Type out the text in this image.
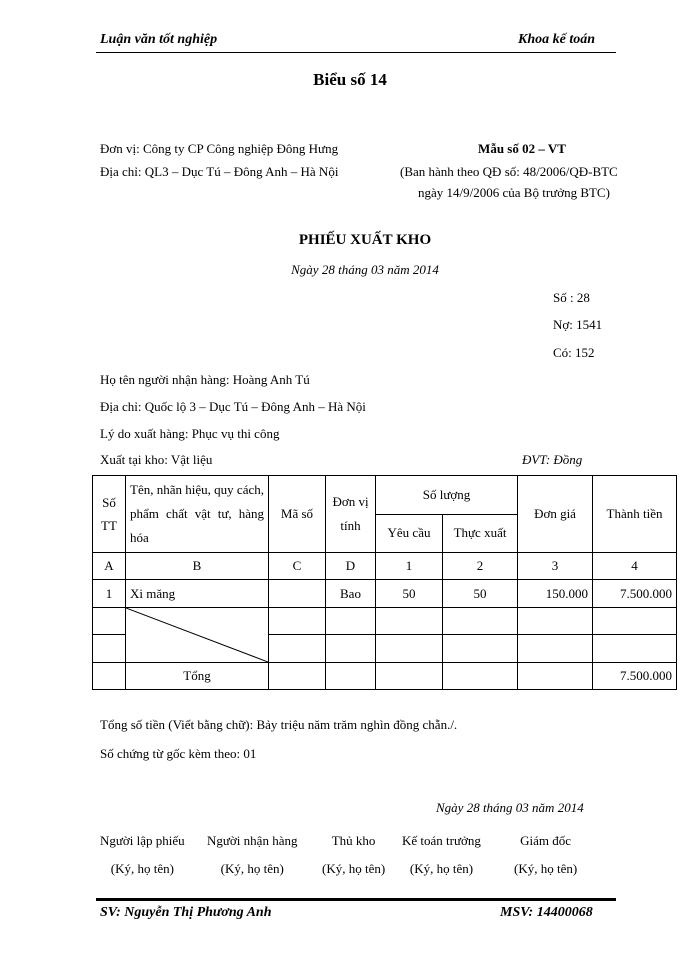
Luận văn tốt nghiệp	Khoa kế toán
Biểu số 14
Đơn vị: Công ty CP Công nghiệp Đông Hưng
Địa chỉ: QL3 – Dục Tú – Đông Anh – Hà Nội
Mẫu số 02 – VT
(Ban hành theo QĐ số: 48/2006/QĐ-BTC
ngày 14/9/2006 của Bộ trưởng BTC)
PHIẾU XUẤT KHO
Ngày 28 tháng 03 năm 2014
Số : 28
Nợ: 1541
Có: 152
Họ tên người nhận hàng: Hoàng Anh Tú
Địa chỉ: Quốc lộ 3 – Dục Tú – Đông Anh – Hà Nội
Lý do xuất hàng: Phục vụ thi công
Xuất tại kho: Vật liệu	ĐVT: Đồng
Số TT	Tên, nhãn hiệu, quy cách, phẩm chất vật tư, hàng hóa	Mã số	Đơn vị tính	Số lượng		Đơn giá	Thành tiền
				Yêu cầu	Thực xuất		
A	B	C	D	1	2	3	4
1	Xi măng		Bao	50	50	150.000	7.500.000

	Tổng						7.500.000
Tổng số tiền (Viết bằng chữ): Bảy triệu năm trăm nghìn đồng chẵn./.
Số chứng từ gốc kèm theo: 01
Ngày 28 tháng 03 năm 2014
Người lập phiếu
(Ký, họ tên)
Người nhận hàng
(Ký, họ tên)
Thủ kho
(Ký, họ tên)
Kế toán trưởng
(Ký, họ tên)
Giám đốc
(Ký, họ tên)
SV: Nguyễn Thị Phương Anh	MSV: 14400068
